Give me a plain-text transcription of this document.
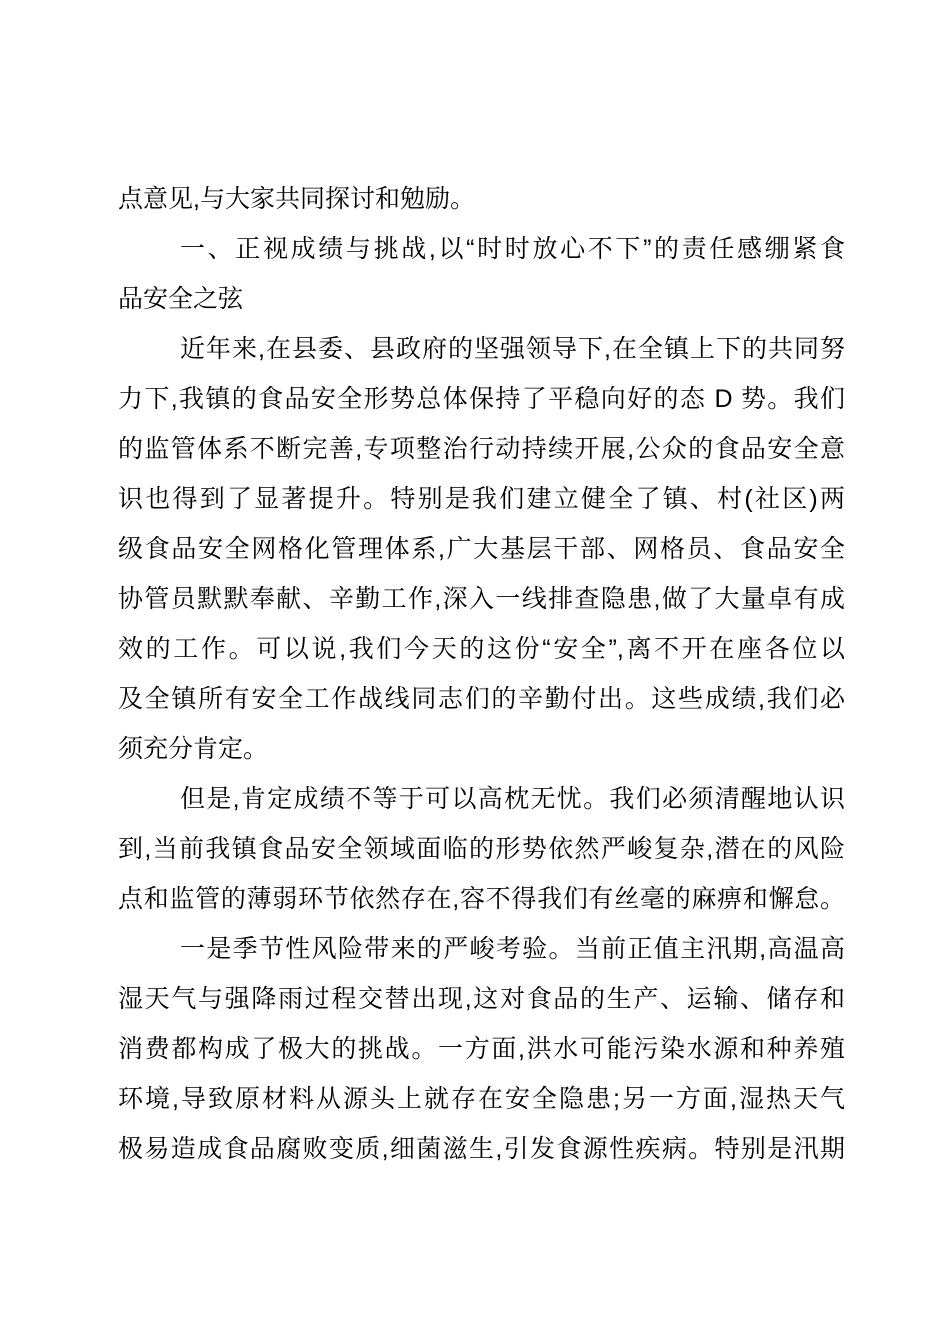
点意见,与大家共同探讨和勉励。
一、正视成绩与挑战,以“时时放心不下”的责任感绷紧食
品安全之弦
近年来,在县委、县政府的坚强领导下,在全镇上下的共同努
力下,我镇的食品安全形势总体保持了平稳向好的态 D 势。我们
的监管体系不断完善,专项整治行动持续开展,公众的食品安全意
识也得到了显著提升。特别是我们建立健全了镇、村(社区)两
级食品安全网格化管理体系,广大基层干部、网格员、食品安全
协管员默默奉献、辛勤工作,深入一线排查隐患,做了大量卓有成
效的工作。可以说,我们今天的这份“安全”,离不开在座各位以
及全镇所有安全工作战线同志们的辛勤付出。这些成绩,我们必
须充分肯定。
但是,肯定成绩不等于可以高枕无忧。我们必须清醒地认识
到,当前我镇食品安全领域面临的形势依然严峻复杂,潜在的风险
点和监管的薄弱环节依然存在,容不得我们有丝毫的麻痹和懈怠。
一是季节性风险带来的严峻考验。当前正值主汛期,高温高
湿天气与强降雨过程交替出现,这对食品的生产、运输、储存和
消费都构成了极大的挑战。一方面,洪水可能污染水源和种养殖
环境,导致原材料从源头上就存在安全隐患;另一方面,湿热天气
极易造成食品腐败变质,细菌滋生,引发食源性疾病。特别是汛期
